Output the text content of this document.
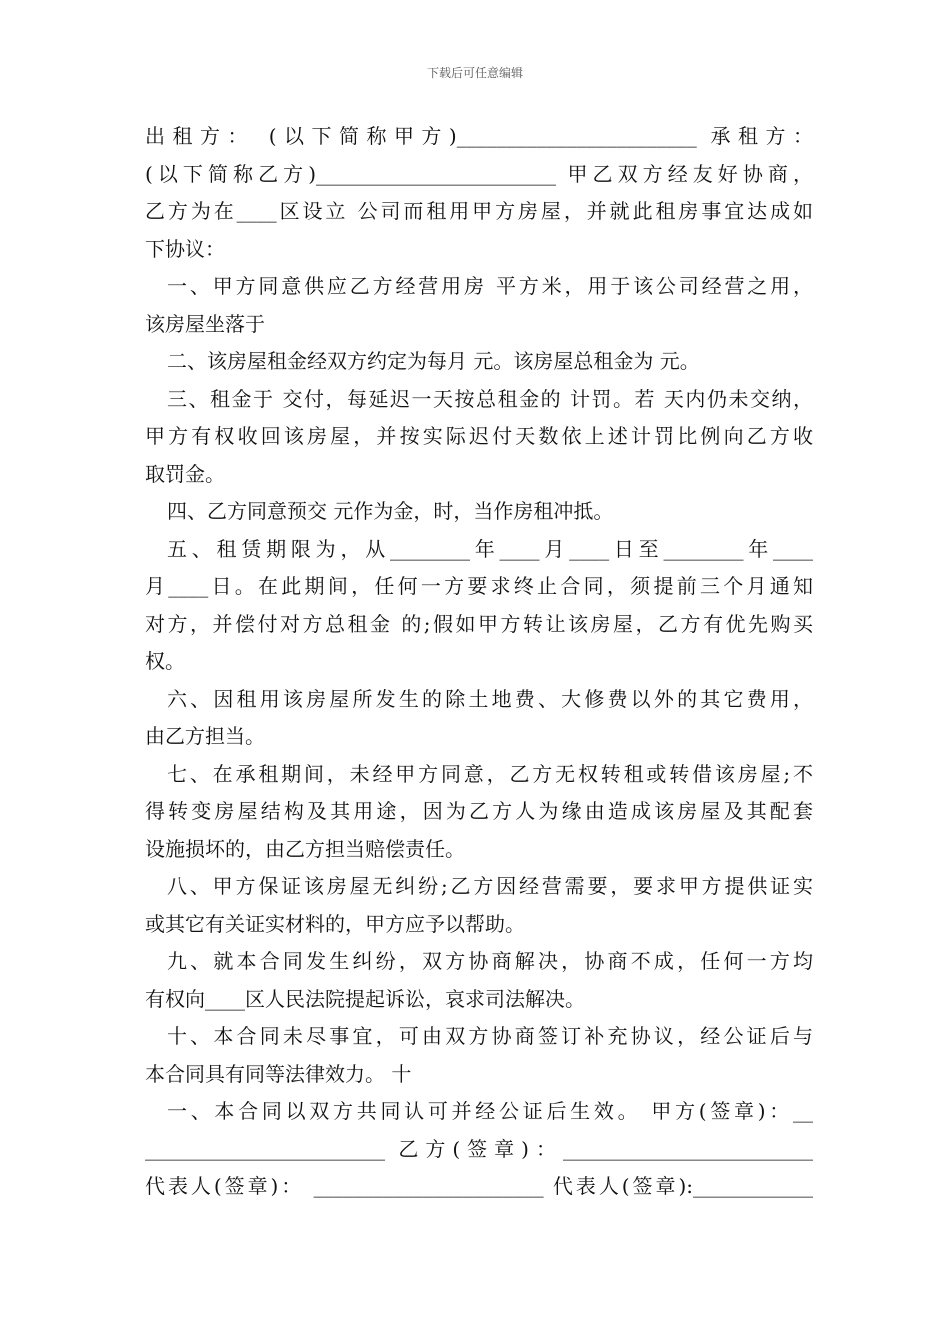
下载后可任意编辑
出租方： (以下简称甲方)________________________ 承租方：
(以下简称乙方)________________________ 甲乙双方经友好协商，
乙方为在____区设立 公司而租用甲方房屋，并就此租房事宜达成如
下协议：
一、甲方同意供应乙方经营用房 平方米，用于该公司经营之用，
该房屋坐落于
二、该房屋租金经双方约定为每月 元。该房屋总租金为 元。
三、租金于 交付，每延迟一天按总租金的 计罚。若 天内仍未交纳，
甲方有权收回该房屋，并按实际迟付天数依上述计罚比例向乙方收
取罚金。
四、乙方同意预交 元作为金，时，当作房租冲抵。
五、租赁期限为，从________年____月____日至________年____
月____日。在此期间，任何一方要求终止合同，须提前三个月通知
对方，并偿付对方总租金 的;假如甲方转让该房屋，乙方有优先购买
权。
六、因租用该房屋所发生的除土地费、大修费以外的其它费用，
由乙方担当。
七、在承租期间，未经甲方同意，乙方无权转租或转借该房屋;不
得转变房屋结构及其用途，因为乙方人为缘由造成该房屋及其配套
设施损坏的，由乙方担当赔偿责任。
八、甲方保证该房屋无纠纷;乙方因经营需要，要求甲方提供证实
或其它有关证实材料的，甲方应予以帮助。
九、就本合同发生纠纷，双方协商解决，协商不成，任何一方均
有权向____区人民法院提起诉讼，哀求司法解决。
十、本合同未尽事宜，可由双方协商签订补充协议，经公证后与
本合同具有同等法律效力。 十
一、本合同以双方共同认可并经公证后生效。 甲方(签章)：__
________________________ 乙方(签章)：_________________________
代表人(签章)： _______________________ 代表人(签章):____________
